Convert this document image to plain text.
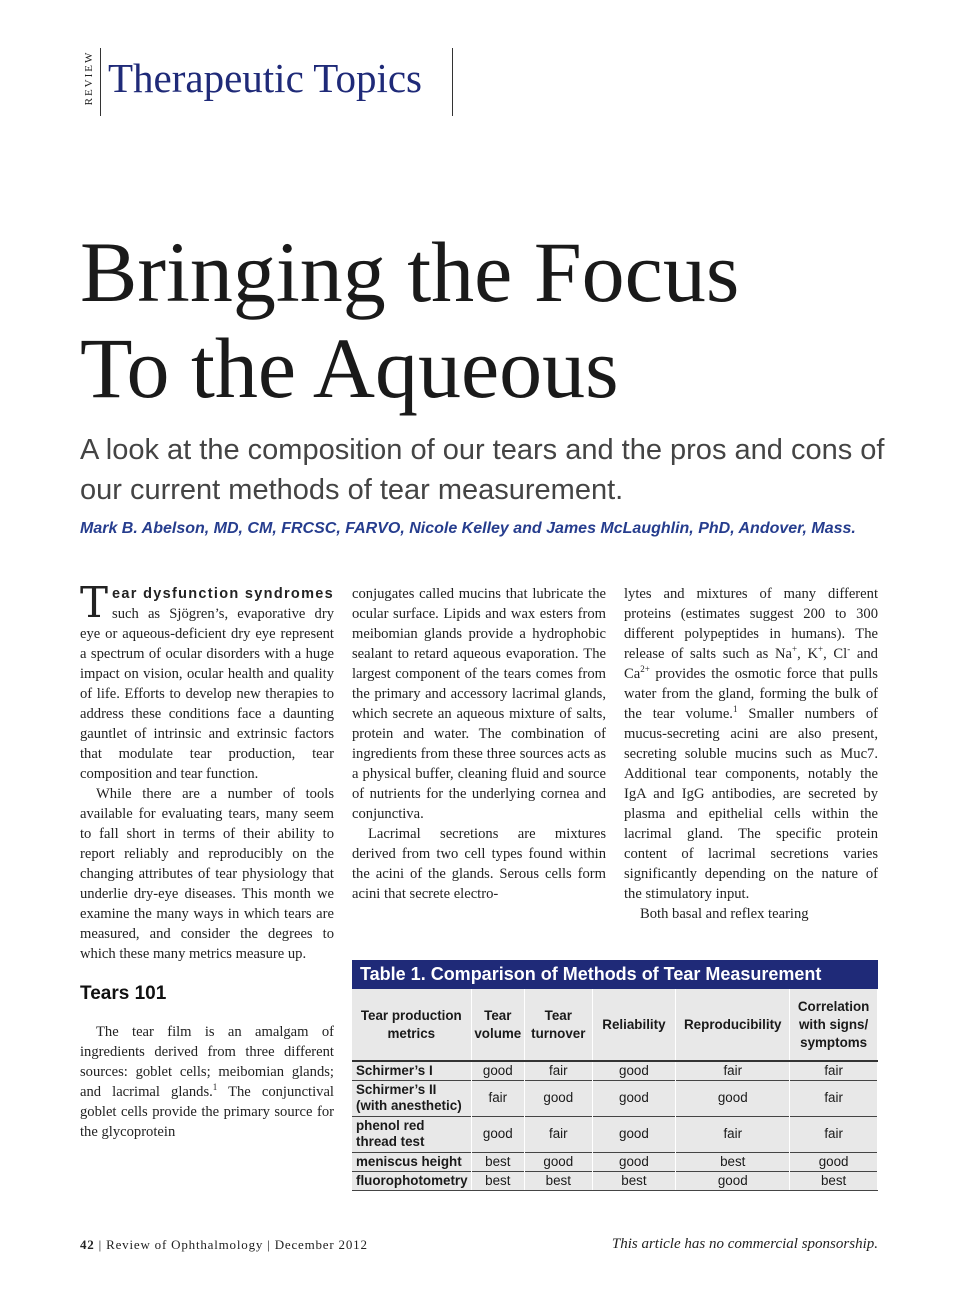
REVIEW Therapeutic Topics
Bringing the Focus
To the Aqueous

A look at the composition of our tears and the pros and cons of our current methods of tear measurement.

Mark B. Abelson, MD, CM, FRCSC, FARVO, Nicole Kelley and James McLaughlin, PhD, Andover, Mass.

Tear dysfunction syndromes such as Sjögren’s, evaporative dry eye or aqueous-deficient dry eye represent a spectrum of ocular disorders with a huge impact on vision, ocular health and quality of life. Efforts to develop new therapies to address these conditions face a daunting gauntlet of intrinsic and extrinsic factors that modulate tear production, tear composition and tear function.

While there are a number of tools available for evaluating tears, many seem to fall short in terms of their ability to report reliably and reproducibly on the changing attributes of tear physiology that underlie dry-eye diseases. This month we examine the many ways in which tears are measured, and consider the degrees to which these many metrics measure up.

Tears 101

The tear film is an amalgam of ingredients derived from three different sources: goblet cells; meibomian glands; and lacrimal glands.$^1$ The conjunctival goblet cells provide the primary source for the glycoprotein

conjugates called mucins that lubricate the ocular surface. Lipids and wax esters from meibomian glands provide a hydrophobic sealant to retard aqueous evaporation. The largest component of the tears comes from the primary and accessory lacrimal glands, which secrete an aqueous mixture of salts, protein and water. The combination of ingredients from these three sources acts as a physical buffer, cleaning fluid and source of nutrients for the underlying cornea and conjunctiva.

Lacrimal secretions are mixtures derived from two cell types found within the acini of the glands. Serous cells form acini that secrete electro-

lytes and mixtures of many different proteins (estimates suggest 200 to 300 different polypeptides in humans). The release of salts such as Na+, K+, Cl- and $Ca^{2+}$ provides the osmotic force that pulls water from the gland, forming the bulk of the tear volume.$^1$ Smaller numbers of mucus-secreting acini are also present, secreting soluble mucins such as Muc7. Additional tear components, notably the IgA and IgG antibodies, are secreted by plasma and epithelial cells within the lacrimal gland. The specific protein content of lacrimal secretions varies significantly depending on the nature of the stimulatory input.

Both basal and reflex tearing

Table 1. Comparison of Methods of Tear Measurement
Tear production metrics	Tear volume	Tear turnover	Reliability	Reproducibility	Correlation with signs/ symptoms
Schirmer’s I	good	fair	good	fair	fair
Schirmer’s II (with anesthetic)	fair	good	good	good	fair
phenol red thread test	good	fair	good	fair	fair
meniscus height	best	good	good	best	good
fluorophotometry	best	best	best	good	best
42 | Review of Ophthalmology | December 2012	This article has no commercial sponsorship.
